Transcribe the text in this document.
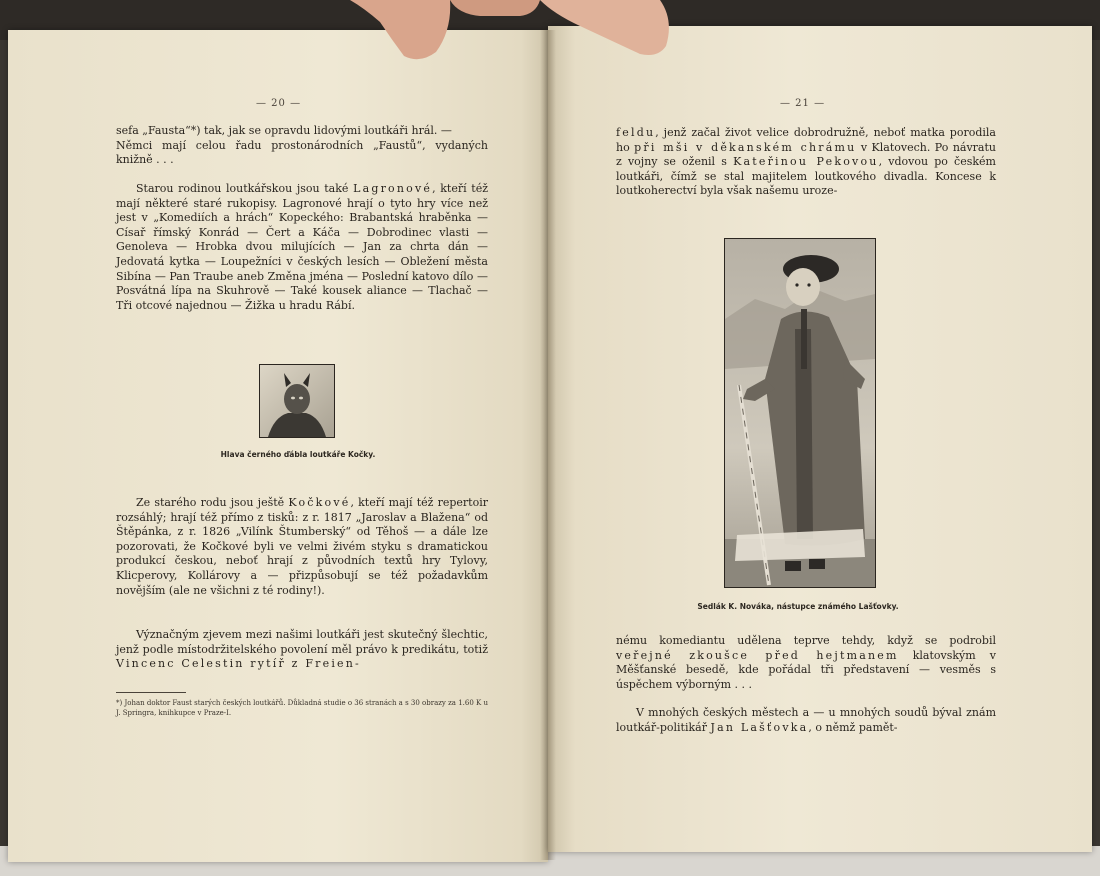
— 20 —

sefa „Fausta“*) tak, jak se opravdu lidovými loutkáři hrál. —

Němci mají celou řadu prostonárodních „Faustů“, vydaných knižně . . .

Starou rodinou loutkářskou jsou také Lagronové, kteří též mají některé staré rukopisy. Lagronové hrají o tyto hry více než jest v „Komediích a hrách“ Kopeckého: Brabantská hraběnka — Císař římský Konrád — Čert a Káča — Dobrodinec vlasti — Genoleva — Hrobka dvou milujících — Jan za chrta dán — Jedovatá kytka — Loupežníci v českých lesích — Obležení města Sibína — Pan Traube aneb Změna jména — Poslední katovo dílo — Posvátná lípa na Skuhrově — Také kousek aliance — Tlachač — Tři otcové najednou — Žižka u hradu Rábí.

Hlava černého ďábla loutkáře Kočky.

Ze starého rodu jsou ještě Kočkové, kteří mají též repertoir rozsáhlý; hrají též přímo z tisků: z r. 1817 „Jaroslav a Blažena“ od Štěpánka, z r. 1826 „Vilínk Štumberský“ od Těhoš — a dále lze pozorovati, že Kočkové byli ve velmi živém styku s dramatickou produkcí českou, neboť hrají z původních textů hry Tylovy, Klicperovy, Kollárovy a — přizpůsobují se též požadavkům novějším (ale ne všichni z té rodiny!).

Význačným zjevem mezi našimi loutkáři jest skutečný šlechtic, jenž podle místodržitelského povolení měl právo k predikátu, totiž Vincenc Celestin rytíř z Freien-

*) Johan doktor Faust starých českých loutkářů. Důkladná studie o 36 stranách a s 30 obrazy za 1.60 K u J. Springra, knihkupce v Praze-I.
— 21 —

feldu, jenž začal život velice dobrodružně, neboť matka porodila ho při mši v děkanském chrámu v Klatovech. Po návratu z vojny se oženil s Kateřinou Pekovou, vdovou po českém loutkáři, čímž se stal majitelem loutkového divadla. Koncese k loutkoherectví byla však našemu uroze-

Sedlák K. Nováka, nástupce známého Lašťovky.

nému komediantu udělena teprve tehdy, když se podrobil veřejné zkoušce před hejtmanem klatovským v Měšťanské besedě, kde pořádal tři představení — vesměs s úspěchem výborným . . .

V mnohých českých městech a — u mnohých soudů býval znám loutkář-politikář Jan Lašťovka, o němž pamět-
